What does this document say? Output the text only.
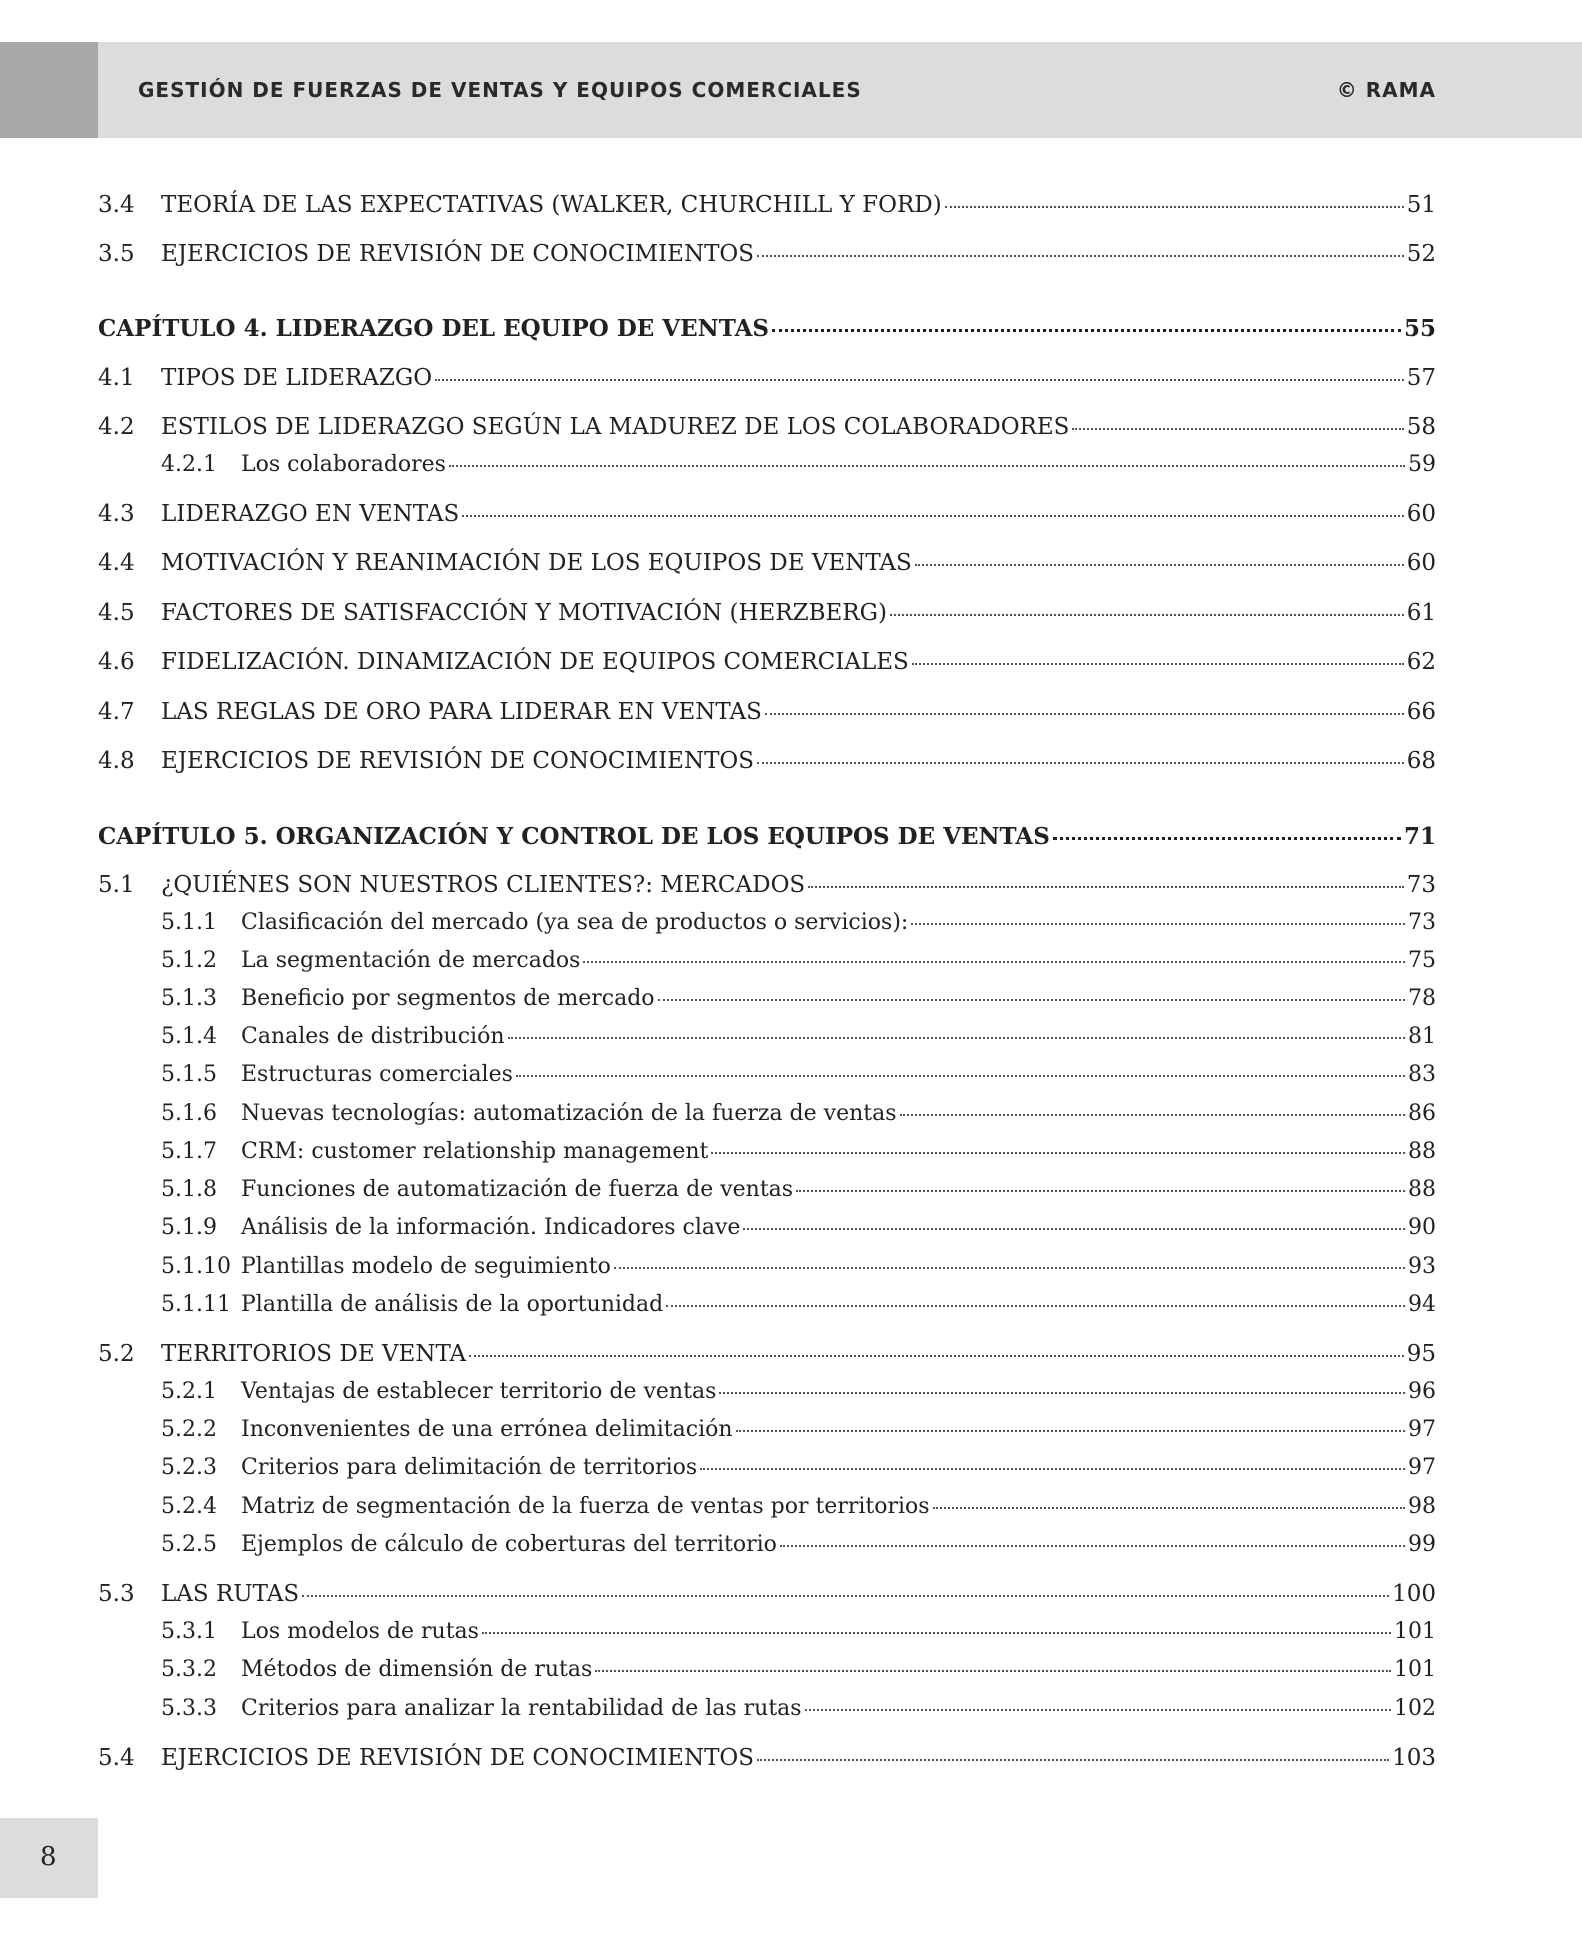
GESTIÓN DE FUERZAS DE VENTAS Y EQUIPOS COMERCIALES	© RAMA
3.4	TEORÍA DE LAS EXPECTATIVAS (WALKER, CHURCHILL Y FORD)	51
3.5	EJERCICIOS DE REVISIÓN DE CONOCIMIENTOS	52
CAPÍTULO 4. LIDERAZGO DEL EQUIPO DE VENTAS	55
4.1	TIPOS DE LIDERAZGO	57
4.2	ESTILOS DE LIDERAZGO SEGÚN LA MADUREZ DE LOS COLABORADORES	58
4.2.1	Los colaboradores	59
4.3	LIDERAZGO EN VENTAS	60
4.4	MOTIVACIÓN Y REANIMACIÓN DE LOS EQUIPOS DE VENTAS	60
4.5	FACTORES DE SATISFACCIÓN Y MOTIVACIÓN (HERZBERG)	61
4.6	FIDELIZACIÓN. DINAMIZACIÓN DE EQUIPOS COMERCIALES	62
4.7	LAS REGLAS DE ORO PARA LIDERAR EN VENTAS	66
4.8	EJERCICIOS DE REVISIÓN DE CONOCIMIENTOS	68
CAPÍTULO 5. ORGANIZACIÓN Y CONTROL DE LOS EQUIPOS DE VENTAS	71
5.1	¿QUIÉNES SON NUESTROS CLIENTES?: MERCADOS	73
5.1.1	Clasificación del mercado (ya sea de productos o servicios):	73
5.1.2	La segmentación de mercados	75
5.1.3	Beneficio por segmentos de mercado	78
5.1.4	Canales de distribución	81
5.1.5	Estructuras comerciales	83
5.1.6	Nuevas tecnologías: automatización de la fuerza de ventas	86
5.1.7	CRM: customer relationship management	88
5.1.8	Funciones de automatización de fuerza de ventas	88
5.1.9	Análisis de la información. Indicadores clave	90
5.1.10 Plantillas modelo de seguimiento	93
5.1.11 Plantilla de análisis de la oportunidad	94
5.2	TERRITORIOS DE VENTA	95
5.2.1	Ventajas de establecer territorio de ventas	96
5.2.2	Inconvenientes de una errónea delimitación	97
5.2.3	Criterios para delimitación de territorios	97
5.2.4	Matriz de segmentación de la fuerza de ventas por territorios	98
5.2.5	Ejemplos de cálculo de coberturas del territorio	99
5.3	LAS RUTAS	100
5.3.1	Los modelos de rutas	101
5.3.2	Métodos de dimensión de rutas	101
5.3.3	Criterios para analizar la rentabilidad de las rutas	102
5.4	EJERCICIOS DE REVISIÓN DE CONOCIMIENTOS	103
8
